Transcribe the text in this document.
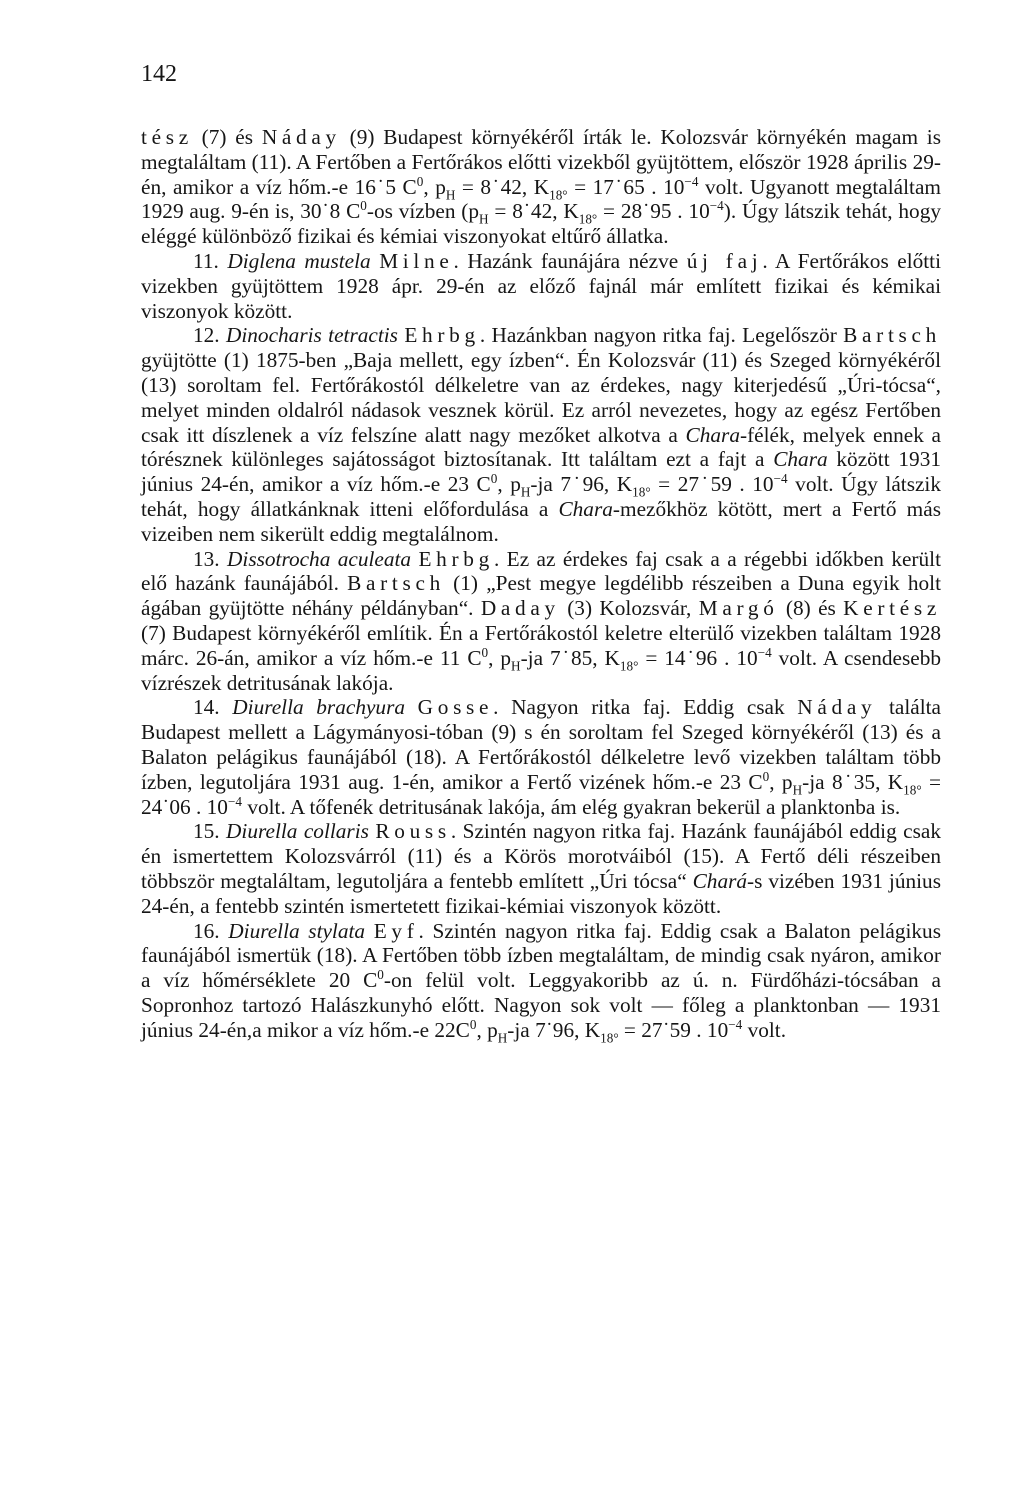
142

tész (7) és Náday (9) Budapest környékéről írták le. Kolozsvár környékén magam is megtaláltam (11). A Fertőben a Fertőrákos előtti vizekből gyüjtöttem, először 1928 április 29-én, amikor a víz hőm.-e 16˙5 $C^0$, $p_H$ = 8˙42, $K_{18^\circ}$ = 17˙65 . $10^{-4}$ volt. Ugyanott megtaláltam 1929 aug. 9-én is, 30˙8 $C^0-os$ vízben ($p_H$ = 8˙42, $K_{18^\circ}$ = 28˙95 . $10^{-4}$). Úgy látszik tehát, hogy eléggé különböző fizikai és kémiai viszonyokat eltűrő állatka.

11. Diglena mustela Milne. Hazánk faunájára nézve új faj. A Fertőrákos előtti vizekben gyüjtöttem 1928 ápr. 29-én az előző fajnál már említett fizikai és kémikai viszonyok között.

12. Dinocharis tetractis Ehrbg. Hazánkban nagyon ritka faj. Legelőször Bartsch gyüjtötte (1) 1875-ben „Baja mellett, egy ízben“. Én Kolozsvár (11) és Szeged környékéről (13) soroltam fel. Fertőrákostól délkeletre van az érdekes, nagy kiterjedésű „Úri-tócsa“, melyet minden oldalról nádasok vesznek körül. Ez arról nevezetes, hogy az egész Fertőben csak itt díszlenek a víz felszíne alatt nagy mezőket alkotva a Chara-félék, melyek ennek a tórésznek különleges sajátosságot biztosítanak. Itt találtam ezt a fajt a Chara között 1931 június 24-én, amikor a víz hőm.-e 23 $C^0$, $p_H-ja$ 7˙96, $K_{18^\circ}$ = 27˙59 . $10^{-4}$ volt. Úgy látszik tehát, hogy állatkánknak itteni előfordulása a Chara-mezőkhöz kötött, mert a Fertő más vizeiben nem sikerült eddig megtalálnom.

13. Dissotrocha aculeata Ehrbg. Ez az érdekes faj csak a a régebbi időkben került elő hazánk faunájából. Bartsch (1) „Pest megye legdélibb részeiben a Duna egyik holt ágában gyüjtötte néhány példányban“. Daday (3) Kolozsvár, Margó (8) és Kertész (7) Budapest környékéről említik. Én a Fertőrákostól keletre elterülő vizekben találtam 1928 márc. 26-án, amikor a víz hőm.-e 11 $C^0$, $p_H-ja$ 7˙85, $K_{18^\circ}$ = 14˙96 . $10^{-4}$ volt. A csendesebb vízrészek detritusának lakója.

14. Diurella brachyura Gosse. Nagyon ritka faj. Eddig csak Náday találta Budapest mellett a Lágymányosi-tóban (9) s én soroltam fel Szeged környékéről (13) és a Balaton pelágikus faunájából (18). A Fertőrákostól délkeletre levő vizekben találtam több ízben, legutoljára 1931 aug. 1-én, amikor a Fertő vizének hőm.-e 23 $C^0$, $p_H-ja$ 8˙35, $K_{18^\circ}$ = 24˙06 . $10^{-4}$ volt. A tőfenék detritusának lakója, ám elég gyakran bekerül a planktonba is.

15. Diurella collaris Rouss. Szintén nagyon ritka faj. Hazánk faunájából eddig csak én ismertettem Kolozsvárról (11) és a Körös morotváiból (15). A Fertő déli részeiben többször megtaláltam, legutoljára a fentebb említett „Úri tócsa“ Chará-s vizében 1931 június 24-én, a fentebb szintén ismertetett fizikai-kémiai viszonyok között.

16. Diurella stylata Eyf. Szintén nagyon ritka faj. Eddig csak a Balaton pelágikus faunájából ismertük (18). A Fertőben több ízben megtaláltam, de mindig csak nyáron, amikor a víz hőmérséklete 20 $C^0-on$ felül volt. Leggyakoribb az ú. n. Fürdőházi-tócsában a Sopronhoz tartozó Halászkunyhó előtt. Nagyon sok volt — főleg a planktonban — 1931 június 24-én,a mikor a víz hőm.-e $22C^0$, $p_H-ja$ 7˙96, $K_{18^\circ}$ = 27˙59 . $10^{-4}$ volt.
